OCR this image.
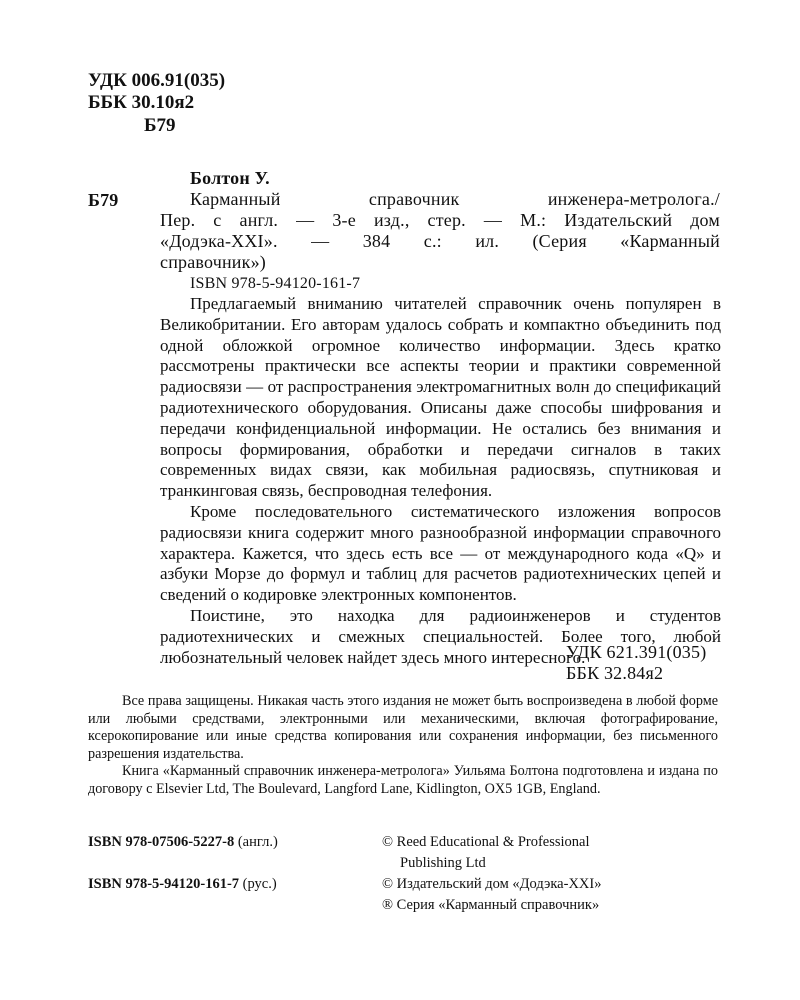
УДК 006.91(035)
ББК 30.10я2
Б79
Болтон У.
Б79	Карманный справочник инженера-метролога./
Пер. с англ. — 3-е изд., стер. — М.: Издательский дом
«Додэка-XXI». — 384 с.: ил. (Серия «Карманный
справочник»)
ISBN 978-5-94120-161-7

Предлагаемый вниманию читателей справочник очень популярен в Великобритании. Его авторам удалось собрать и компактно объединить под одной обложкой огромное количество информации. Здесь кратко рассмотрены практически все аспекты теории и практики современной радиосвязи — от распространения электромагнитных волн до спецификаций радиотехнического оборудования. Описаны даже способы шифрования и передачи конфиденциальной информации. Не остались без внимания и вопросы формирования, обработки и передачи сигналов в таких современных видах связи, как мобильная радиосвязь, спутниковая и транкинговая связь, беспроводная телефония.

Кроме последовательного систематического изложения вопросов радиосвязи книга содержит много разнообразной информации справочного характера. Кажется, что здесь есть все — от международного кода «Q» и азбуки Морзе до формул и таблиц для расчетов радиотехнических цепей и сведений о кодировке электронных компонентов.

Поистине, это находка для радиоинженеров и студентов радиотехнических и смежных специальностей. Более того, любой любознательный человек найдет здесь много интересного.

УДК 621.391(035)
ББК 32.84я2

Все права защищены. Никакая часть этого издания не может быть воспроизведена в любой форме или любыми средствами, электронными или механическими, включая фотографирование, ксерокопирование или иные средства копирования или сохранения информации, без письменного разрешения издательства.

Книга «Карманный справочник инженера-метролога» Уильяма Болтона подготовлена и издана по договору с Elsevier Ltd, The Boulevard, Langford Lane, Kidlington, OX5 1GB, England.

ISBN 978-07506-5227-8 (англ.)	© Reed Educational & Professional
Publishing Ltd
ISBN 978-5-94120-161-7 (рус.)	© Издательский дом «Додэка-XXI»
® Серия «Карманный справочник»
